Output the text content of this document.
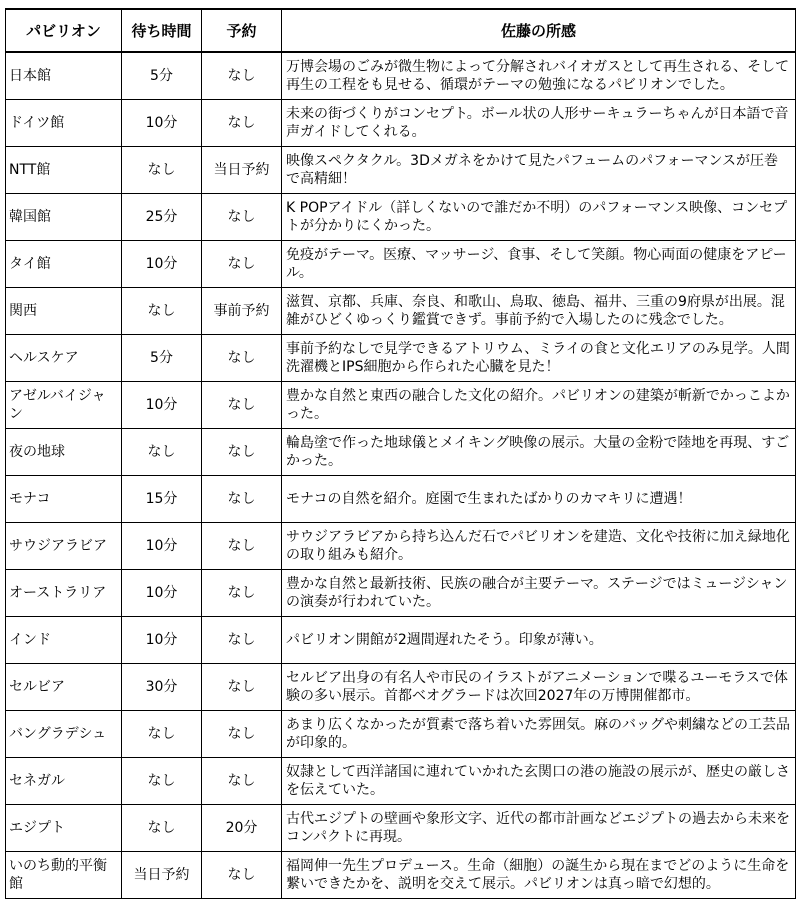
パビリオン	待ち時間	予約	佐藤の所感
日本館	5分	なし	万博会場のごみが微生物によって分解されバイオガスとして再生される、そして再生の工程をも見せる、循環がテーマの勉強になるパビリオンでした。
ドイツ館	10分	なし	未来の街づくりがコンセプト。ボール状の人形サーキュラーちゃんが日本語で音声ガイドしてくれる。
NTT館	なし	当日予約	映像スペクタクル。3Dメガネをかけて見たパフュームのパフォーマンスが圧巻で高精細！
韓国館	25分	なし	K POPアイドル（詳しくないので誰だか不明）のパフォーマンス映像、コンセプトが分かりにくかった。
タイ館	10分	なし	免疫がテーマ。医療、マッサージ、食事、そして笑顔。物心両面の健康をアピール。
関西	なし	事前予約	滋賀、京都、兵庫、奈良、和歌山、鳥取、徳島、福井、三重の9府県が出展。混雑がひどくゆっくり鑑賞できず。事前予約で入場したのに残念でした。
ヘルスケア	5分	なし	事前予約なしで見学できるアトリウム、ミライの食と文化エリアのみ見学。人間洗濯機とIPS細胞から作られた心臓を見た！
アゼルバイジャン	10分	なし	豊かな自然と東西の融合した文化の紹介。パビリオンの建築が斬新でかっこよかった。
夜の地球	なし	なし	輪島塗で作った地球儀とメイキング映像の展示。大量の金粉で陸地を再現、すごかった。
モナコ	15分	なし	モナコの自然を紹介。庭園で生まれたばかりのカマキリに遭遇！
サウジアラビア	10分	なし	サウジアラビアから持ち込んだ石でパビリオンを建造、文化や技術に加え緑地化の取り組みも紹介。
オーストラリア	10分	なし	豊かな自然と最新技術、民族の融合が主要テーマ。ステージではミュージシャンの演奏が行われていた。
インド	10分	なし	パビリオン開館が2週間遅れたそう。印象が薄い。
セルビア	30分	なし	セルビア出身の有名人や市民のイラストがアニメーションで喋るユーモラスで体験の多い展示。首都ベオグラードは次回2027年の万博開催都市。
バングラデシュ	なし	なし	あまり広くなかったが質素で落ち着いた雰囲気。麻のバッグや刺繍などの工芸品が印象的。
セネガル	なし	なし	奴隷として西洋諸国に連れていかれた玄関口の港の施設の展示が、歴史の厳しさを伝えていた。
エジプト	なし	20分	古代エジプトの壁画や象形文字、近代の都市計画などエジプトの過去から未来をコンパクトに再現。
いのち動的平衡館	当日予約	なし	福岡伸一先生プロデュース。生命（細胞）の誕生から現在までどのように生命を繋いできたかを、説明を交えて展示。パビリオンは真っ暗で幻想的。
